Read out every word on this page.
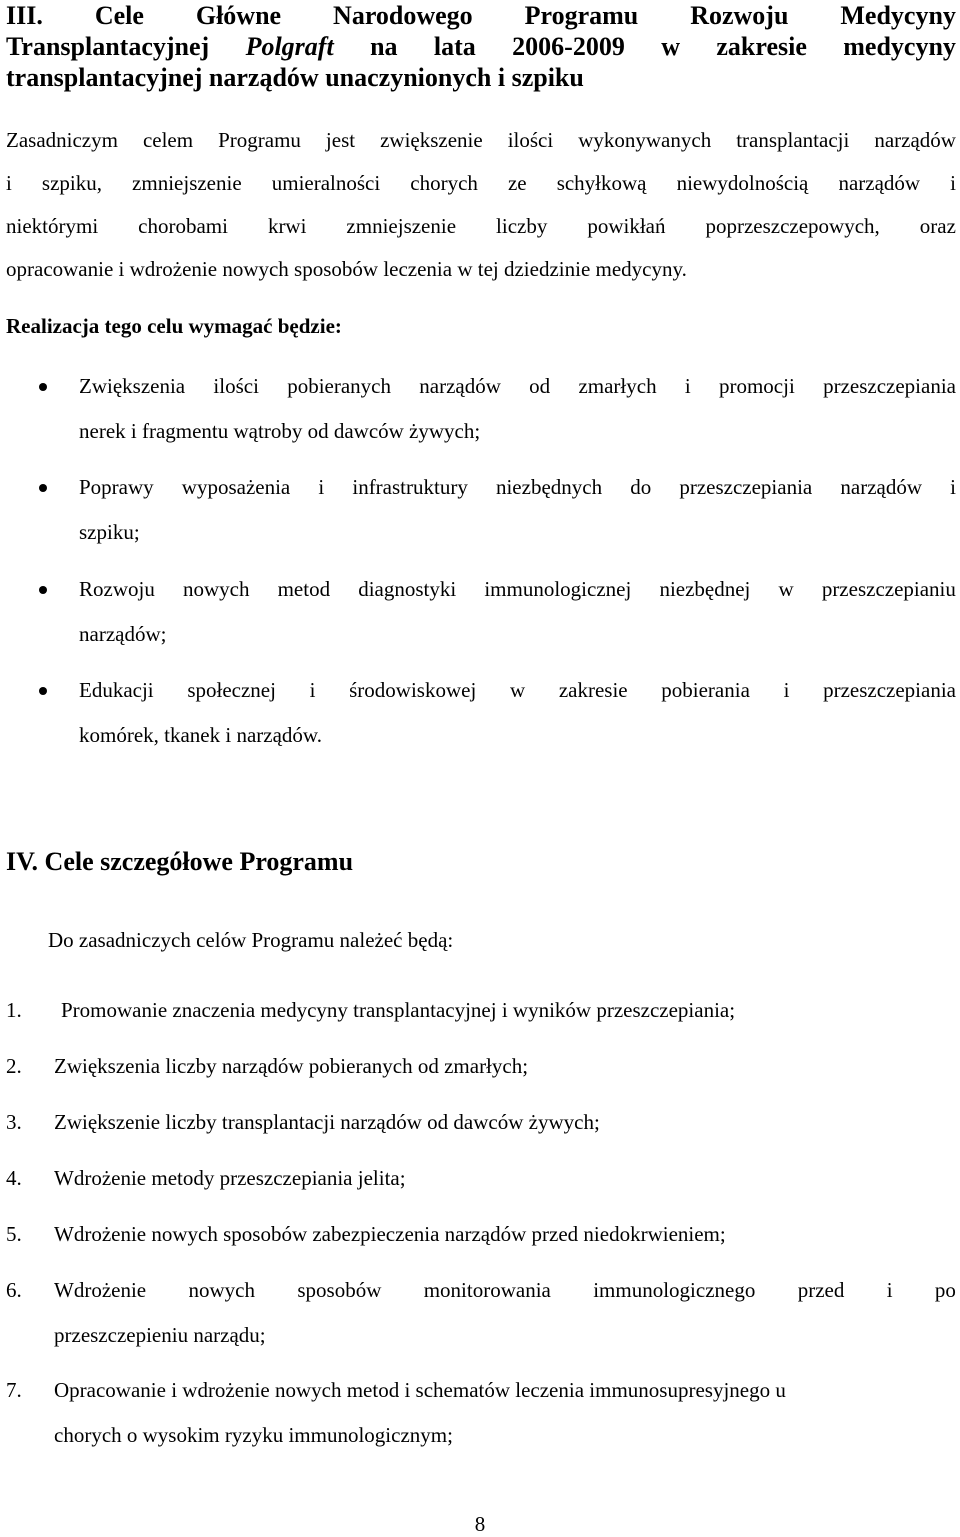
III. Cele Główne Narodowego Programu Rozwoju Medycyny
Transplantacyjnej Polgraft na lata 2006-2009 w zakresie medycyny
transplantacyjnej narządów unaczynionych i szpiku
Zasadniczym celem Programu jest zwiększenie ilości wykonywanych transplantacji narządów
i szpiku, zmniejszenie umieralności chorych ze schyłkową niewydolnością narządów i
niektórymi chorobami krwi zmniejszenie liczby powikłań poprzeszczepowych, oraz
opracowanie i wdrożenie nowych sposobów leczenia w tej dziedzinie medycyny.
Realizacja tego celu wymagać będzie:
Zwiększenia ilości pobieranych narządów od zmarłych i promocji przeszczepiania
nerek i fragmentu wątroby od dawców żywych;
Poprawy wyposażenia i infrastruktury niezbędnych do przeszczepiania narządów i
szpiku;
Rozwoju nowych metod diagnostyki immunologicznej niezbędnej w przeszczepianiu
narządów;
Edukacji społecznej i środowiskowej w zakresie pobierania i przeszczepiania
komórek, tkanek i narządów.
IV. Cele szczegółowe Programu
Do zasadniczych celów Programu należeć będą:
1. Promowanie znaczenia medycyny transplantacyjnej i wyników przeszczepiania;
2. Zwiększenia liczby narządów pobieranych od zmarłych;
3. Zwiększenie liczby transplantacji narządów od dawców żywych;
4. Wdrożenie metody przeszczepiania jelita;
5. Wdrożenie nowych sposobów zabezpieczenia narządów przed niedokrwieniem;
6. Wdrożenie nowych sposobów monitorowania immunologicznego przed i po
przeszczepieniu narządu;
7. Opracowanie i wdrożenie nowych metod i schematów leczenia immunosupresyjnego u
chorych o wysokim ryzyku immunologicznym;
8
